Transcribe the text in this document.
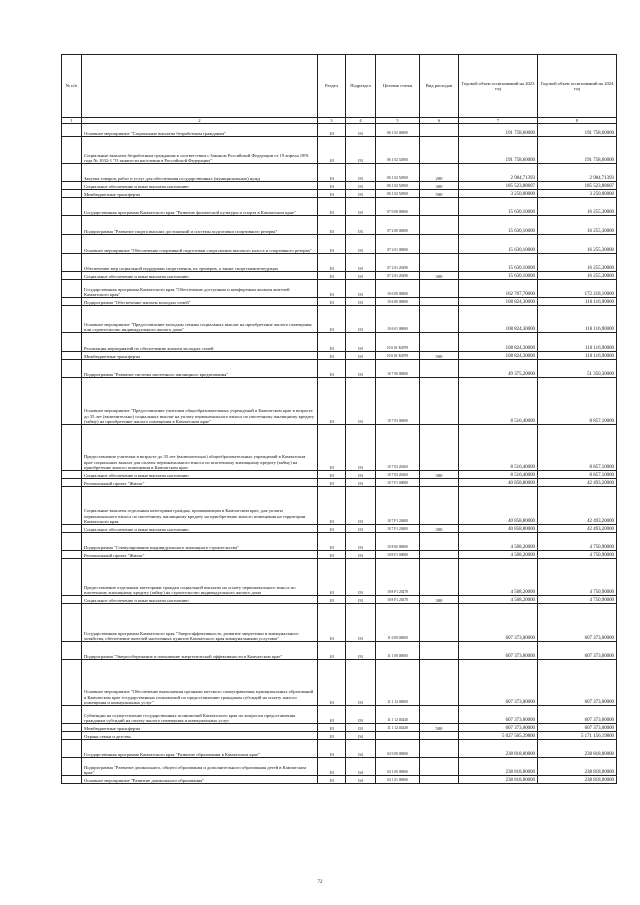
№ п/п		Раздел	Подраздел	Целевая статья	Вид расходов	Годовой объем ассигнований на 2023 год	Годовой объем ассигнований на 2024 год
1	2	3	4	5	6	7	8
	Основное мероприятие "Социальные выплаты безработным гражданам"	10	03	06 1 02 00000		191 758,60000	191 758,60000
	Социальные выплаты безработным гражданам в соответствии с Законом Российской Федерации от 19 апреля 1991 года № 1032-1 "О занятости населения в Российской Федерации"	10	03	06 1 02 52900		191 758,60000	191 758,60000
	Закупка товаров, работ и услуг для обеспечения государственных (муниципальных) нужд	10	03	06 1 02 52900	200	2 984,71393	2 984,71393
	Социальное обеспечение и иные выплаты населению	10	03	06 1 02 52900	300	185 523,88607	185 523,88607
	Межбюджетные трансферты	10	03	06 1 02 52900	500	3 250,00000	3 250,00000
	Государственная программа Камчатского края "Развитие физической культуры и спорта в Камчатском крае"	10	03	07 0 00 00000		15 630,10000	16 255,30000
	Подпрограмма "Развитие спорта высших достижений и системы подготовки спортивного резерва"	10	03	07 2 00 00000		15 630,10000	16 255,30000
	Основное мероприятие "Обеспечение спортивной подготовки спортсменов высокого класса и спортивного резерва"	10	03	07 2 01 00000		15 630,10000	16 255,30000
	Обеспечение мер социальной поддержки спортсменов, их тренеров, а также спортсменов-ведущих	10	03	07 2 01 20290		15 630,10000	16 255,30000
	Социальное обеспечение и иные выплаты населению	10	03	07 2 01 20290	300	15 630,10000	16 255,30000
	Государственная программа Камчатского края "Обеспечение доступным и комфортным жильем жителей Камчатского края"	10	03	10 0 00 00000		162 767,70000	172 218,10000
	Подпрограмма "Обеспечение жильем молодых семей"	10	03	10 6 00 00000		108 824,30000	116 116,90000
	Основное мероприятие "Предоставление молодым семьям социальных выплат на приобретение жилого помещения или строительство индивидуального жилого дома"	10	03	10 6 01 00000		108 824,30000	116 116,90000
	Реализация мероприятий по обеспечению жильем молодых семей	10	03	10 6 01 R4970		108 824,30000	116 116,90000
	Межбюджетные трансферты	10	03	10 6 01 R4970	500	108 824,30000	116 116,90000
	Подпрограмма "Развитие системы ипотечного жилищного кредитования"	10	03	10 7 00 00000		49 375,20000	51 350,30000
	Основное мероприятие "Предоставление учителям общеобразовательных учреждений в Камчатском крае в возрасте до 35 лет (включительно) социальных выплат на уплату первоначального взноса по ипотечному жилищному кредиту (займу) на приобретение жилого помещения в Камчатском крае"	10	03	10 7 03 00000		8 516,40000	8 857,10000
	Предоставление учителям в возрасте до 35 лет (включительно) общеобразовательных учреждений в Камчатском крае социальных выплат для оплаты первоначального взноса по ипотечному жилищному кредиту (займу) на приобретение жилого помещения в Камчатском крае	10	03	10 7 03 20260		8 516,40000	8 857,10000
	Социальное обеспечение и иные выплаты населению	10	03	10 7 03 20260	300	8 516,40000	8 857,10000
	Региональный проект "Жилье"	10	03	10 7 F1 00000		40 858,80000	42 493,20000
	Социальные выплаты отдельным категориям граждан, проживающим в Камчатском крае, для уплаты первоначального взноса по ипотечному жилищному кредиту на приобретение жилого помещения на территории Камчатского края	10	03	10 7 F1 20400		40 858,80000	42 493,20000
	Социальное обеспечение и иные выплаты населению	10	03	10 7 F1 20400	300	40 858,80000	42 493,20000
	Подпрограмма "Стимулирование индивидуального жилищного строительства"	10	03	10 8 00 00000		4 568,20000	4 750,90000
	Региональный проект "Жилье"	10	03	10 8 F1 00000		4 568,20000	4 750,90000
	Предоставление отдельным категориям граждан социальной выплаты на уплату первоначального взноса по ипотечному жилищному кредиту (займу) на строительство индивидуального жилого дома	10	03	10 8 F1 20270		4 568,20000	4 750,90000
	Социальное обеспечение и иные выплаты населению	10	03	10 8 F1 20270	300	4 568,20000	4 750,90000
	Государственная программа Камчатского края "Энергоэффективность, развитие энергетики и коммунального хозяйства, обеспечение жителей населенных пунктов Камчатского края коммунальными услугами"	10	03	11 0 00 00000		607 373,00000	607 373,00000
	Подпрограмма "Энергосбережение и повышение энергетической эффективности в Камчатском крае"	10	03	11 1 00 00000		607 373,00000	607 373,00000
	Основное мероприятие "Обеспечение выполнения органами местного самоуправления муниципальных образований в Камчатском крае государственных полномочий по предоставлению гражданам субсидий на оплату жилого помещения и коммунальных услуг"	10	03	11 1 12 00000		607 373,00000	607 373,00000
	Субвенции на осуществление государственных полномочий Камчатского края по вопросам предоставления гражданам субсидий на оплату жилого помещения и коммунальных услуг	10	03	11 1 12 40240		607 373,00000	607 373,00000
	Межбюджетные трансферты	10	03	11 1 12 40240	500	607 373,00000	607 373,00000
	Охрана семьи и детства	10	04			5 027 505,39800	5 171 156,19800
	Государственная программа Камчатского края "Развитие образования в Камчатском крае"	10	04	02 0 00 00000		238 818,00000	238 818,00000
	Подпрограмма "Развитие дошкольного, общего образования и дополнительного образования детей в Камчатском крае"	10	04	02 1 00 00000		238 818,00000	238 818,00000
	Основное мероприятие "Развитие дошкольного образования"	10	04	02 1 01 00000		238 818,00000	238 818,00000
72
